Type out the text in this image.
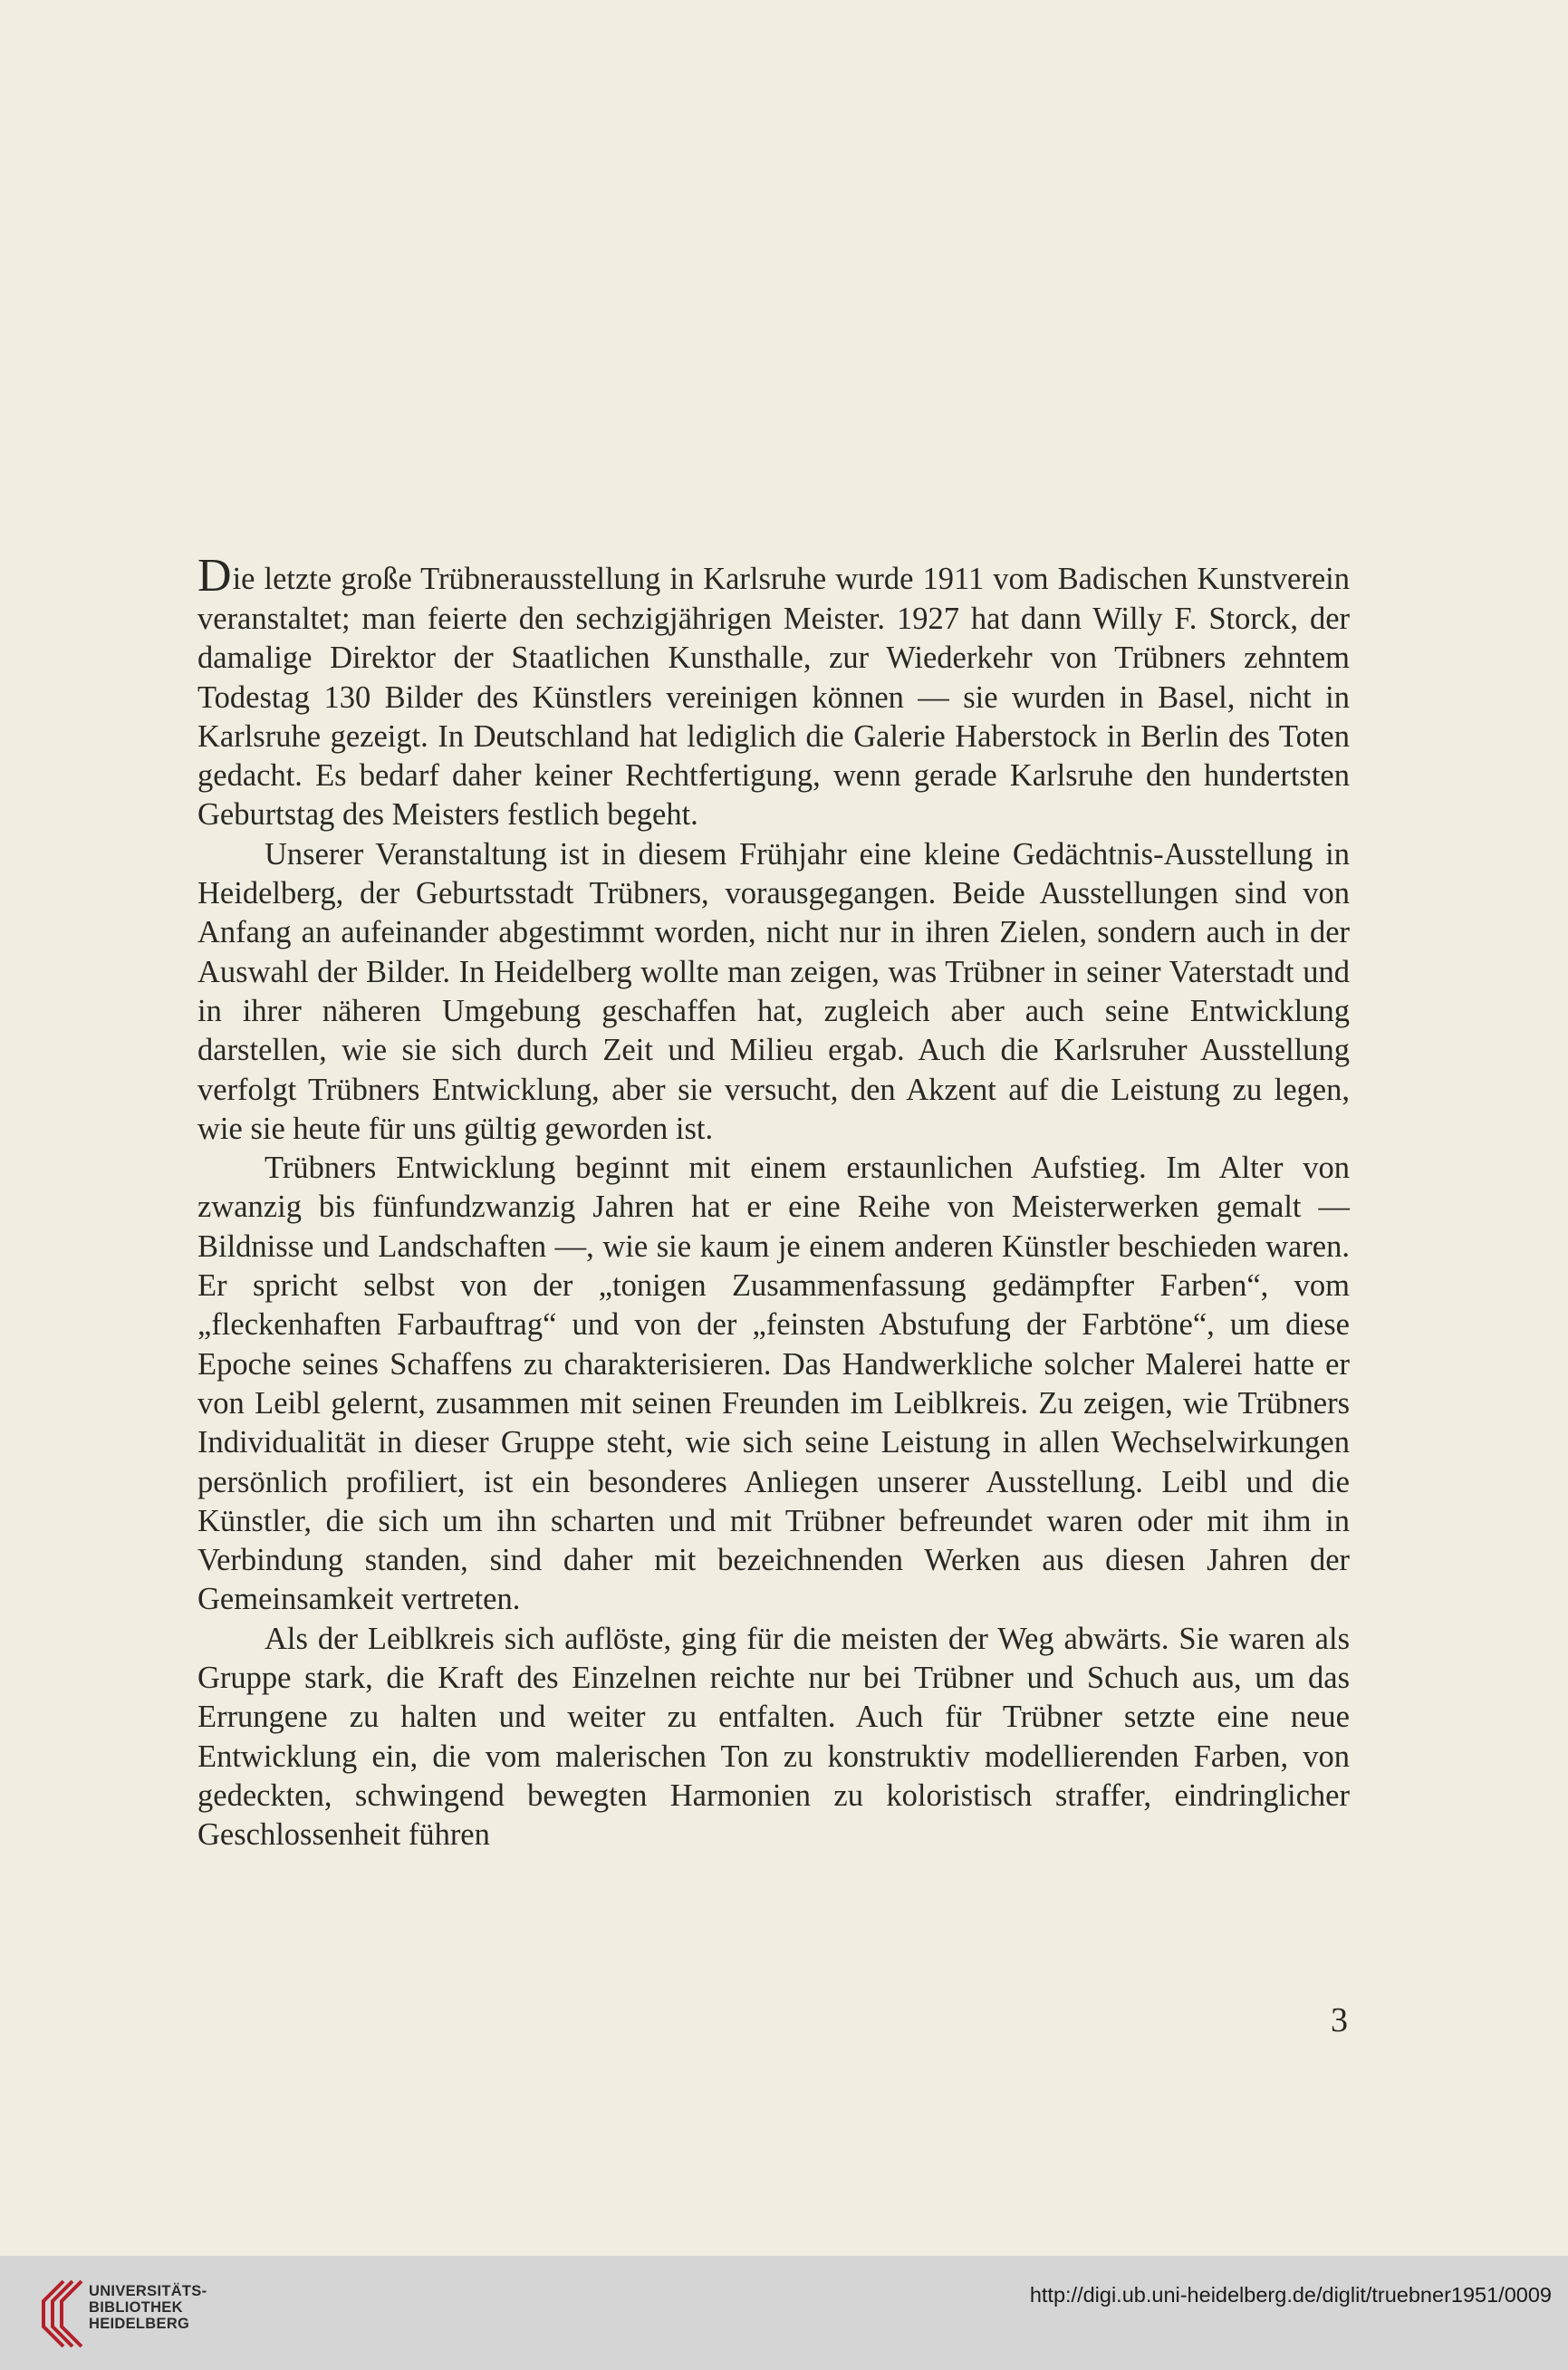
Die letzte große Trübnerausstellung in Karlsruhe wurde 1911 vom Badischen Kunstverein veranstaltet; man feierte den sechzigjährigen Meister. 1927 hat dann Willy F. Storck, der damalige Direktor der Staatlichen Kunsthalle, zur Wiederkehr von Trübners zehntem Todestag 130 Bilder des Künstlers vereinigen können — sie wurden in Basel, nicht in Karlsruhe gezeigt. In Deutschland hat lediglich die Galerie Haberstock in Berlin des Toten gedacht. Es bedarf daher keiner Rechtfertigung, wenn gerade Karlsruhe den hundertsten Geburtstag des Meisters festlich begeht.

Unserer Veranstaltung ist in diesem Frühjahr eine kleine Gedächtnis-Ausstellung in Heidelberg, der Geburtsstadt Trübners, vorausgegangen. Beide Ausstellungen sind von Anfang an aufeinander abgestimmt worden, nicht nur in ihren Zielen, sondern auch in der Auswahl der Bilder. In Heidelberg wollte man zeigen, was Trübner in seiner Vaterstadt und in ihrer näheren Umgebung geschaffen hat, zugleich aber auch seine Entwicklung darstellen, wie sie sich durch Zeit und Milieu ergab. Auch die Karlsruher Ausstellung verfolgt Trübners Entwicklung, aber sie versucht, den Akzent auf die Leistung zu legen, wie sie heute für uns gültig geworden ist.

Trübners Entwicklung beginnt mit einem erstaunlichen Aufstieg. Im Alter von zwanzig bis fünfundzwanzig Jahren hat er eine Reihe von Meisterwerken gemalt — Bildnisse und Landschaften —, wie sie kaum je einem anderen Künstler beschieden waren. Er spricht selbst von der „tonigen Zusammenfassung gedämpfter Farben“, vom „fleckenhaften Farbauftrag“ und von der „feinsten Abstufung der Farbtöne“, um diese Epoche seines Schaffens zu charakterisieren. Das Handwerkliche solcher Malerei hatte er von Leibl gelernt, zusammen mit seinen Freunden im Leiblkreis. Zu zeigen, wie Trübners Individualität in dieser Gruppe steht, wie sich seine Leistung in allen Wechselwirkungen persönlich profiliert, ist ein besonderes Anliegen unserer Ausstellung. Leibl und die Künstler, die sich um ihn scharten und mit Trübner befreundet waren oder mit ihm in Verbindung standen, sind daher mit bezeichnenden Werken aus diesen Jahren der Gemeinsamkeit vertreten.

Als der Leiblkreis sich auflöste, ging für die meisten der Weg abwärts. Sie waren als Gruppe stark, die Kraft des Einzelnen reichte nur bei Trübner und Schuch aus, um das Errungene zu halten und weiter zu entfalten. Auch für Trübner setzte eine neue Entwicklung ein, die vom malerischen Ton zu konstruktiv modellierenden Farben, von gedeckten, schwingend bewegten Harmonien zu koloristisch straffer, eindringlicher Geschlossenheit führen

3
UNIVERSITÄTS-
BIBLIOTHEK
HEIDELBERG
http://digi.ub.uni-heidelberg.de/diglit/truebner1951/0009
